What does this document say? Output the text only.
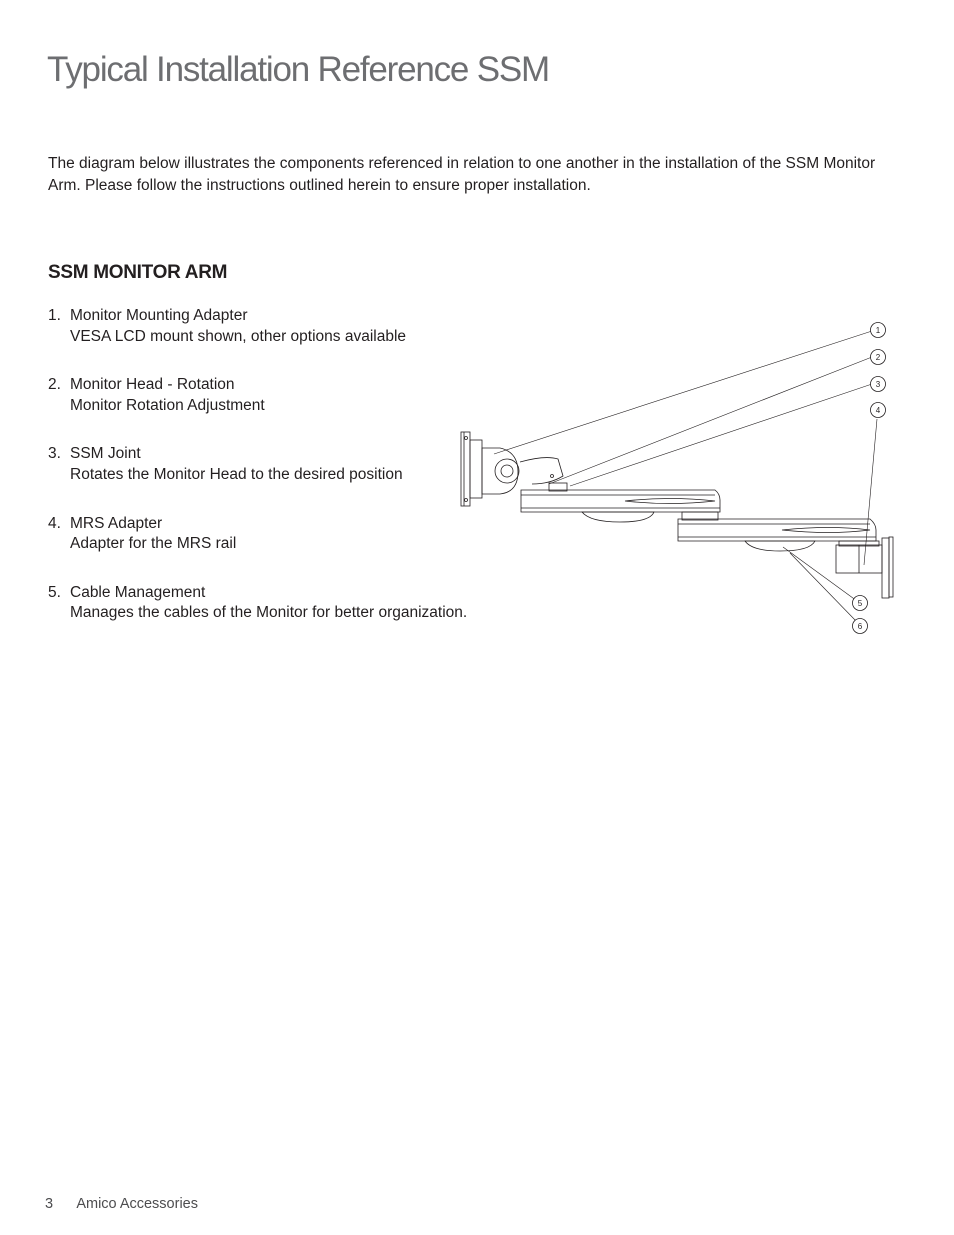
Typical Installation Reference SSM

The diagram below illustrates the components referenced in relation to one another in the installation of the SSM Monitor Arm. Please follow the instructions outlined herein to ensure proper installation.

SSM MONITOR ARM
1. Monitor Mounting Adapter
VESA LCD mount shown, other options available
2. Monitor Head - Rotation
Monitor Rotation Adjustment
3. SSM Joint
Rotates the Monitor Head to the desired position
4. MRS Adapter
Adapter for the MRS rail
5. Cable Management
Manages the cables of the Monitor for better organization.
1
2
3
4
5
6
3 Amico Accessories
